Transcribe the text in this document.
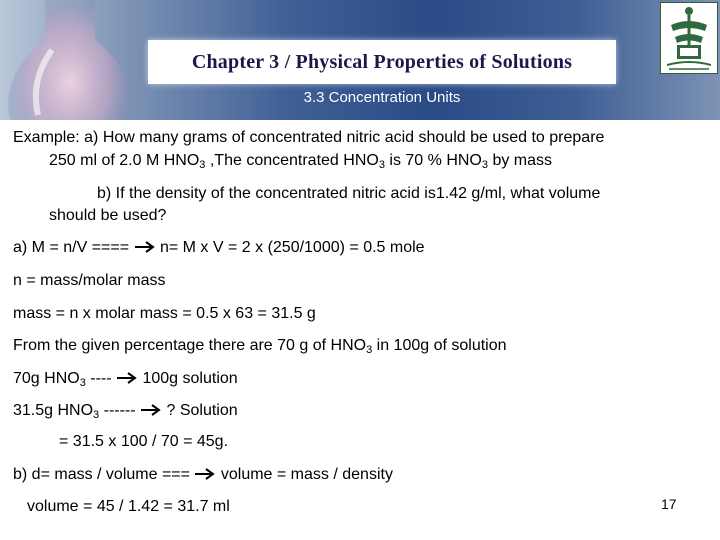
Chapter 3 / Physical Properties of Solutions
3.3 Concentration Units
Example: a) How many grams of concentrated nitric acid should be used to prepare
250 ml of 2.0 M $HNO_3$ ,The concentrated $HNO_3$ is 70 % $HNO_3$ by mass
b) If the density of the concentrated nitric acid is1.42 g/ml, what volume
should be used?
a) M = n/V ====  n= M x V = 2 x (250/1000) = 0.5 mole
n = mass/molar mass
mass = n x molar mass = 0.5 x 63 = 31.5 g
From the given percentage there are 70 g of $HNO_3$ in 100g of solution
70g $HNO_3$ ----  100g solution
31.5g $HNO_3$ ------  ? Solution
= 31.5 x 100 / 70 = 45g.
b) d= mass / volume ===  volume = mass / density
volume = 45 / 1.42 = 31.7 ml	17
